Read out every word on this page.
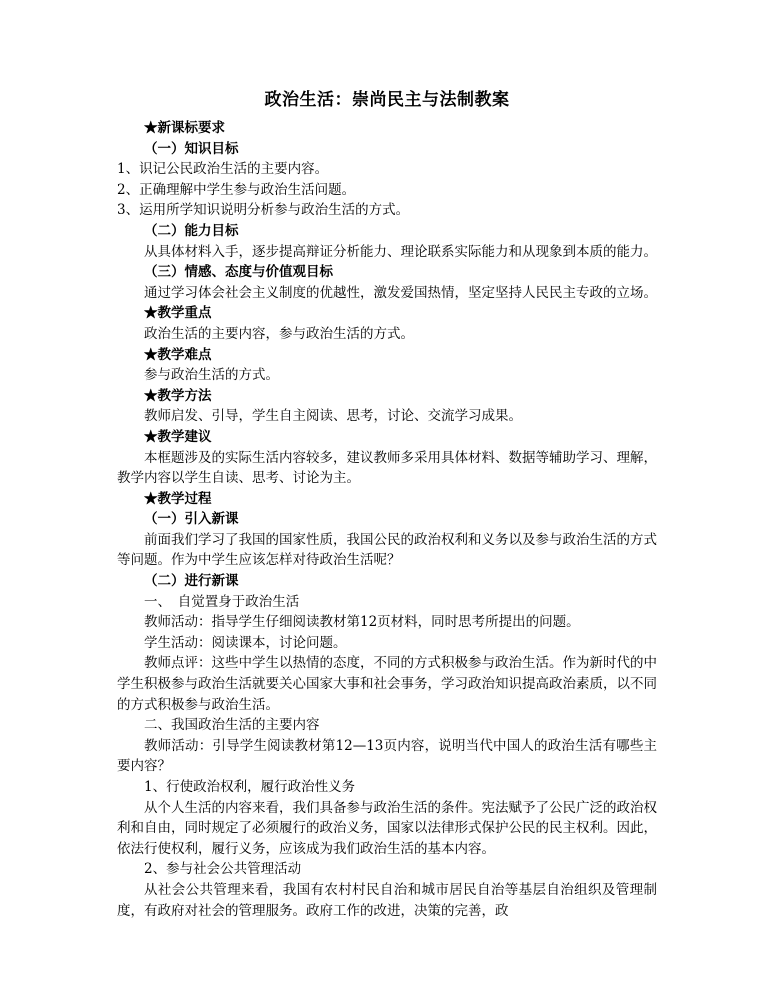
政治生活：崇尚民主与法制教案
★新课标要求
（一）知识目标
1、识记公民政治生活的主要内容。
2、正确理解中学生参与政治生活问题。
3、运用所学知识说明分析参与政治生活的方式。
（二）能力目标
从具体材料入手，逐步提高辩证分析能力、理论联系实际能力和从现象到本质的能力。
（三）情感、态度与价值观目标
通过学习体会社会主义制度的优越性，激发爱国热情，坚定坚持人民民主专政的立场。
★教学重点
政治生活的主要内容，参与政治生活的方式。
★教学难点
参与政治生活的方式。
★教学方法
教师启发、引导，学生自主阅读、思考，讨论、交流学习成果。
★教学建议
本框题涉及的实际生活内容较多，建议教师多采用具体材料、数据等辅助学习、理解，教学内容以学生自读、思考、讨论为主。
★教学过程
（一）引入新课
前面我们学习了我国的国家性质，我国公民的政治权利和义务以及参与政治生活的方式等问题。作为中学生应该怎样对待政治生活呢？
（二）进行新课
一、　自觉置身于政治生活
教师活动：指导学生仔细阅读教材第12页材料，同时思考所提出的问题。
学生活动：阅读课本，讨论问题。
教师点评：这些中学生以热情的态度，不同的方式积极参与政治生活。作为新时代的中学生积极参与政治生活就要关心国家大事和社会事务，学习政治知识提高政治素质，以不同的方式积极参与政治生活。
二、我国政治生活的主要内容
教师活动：引导学生阅读教材第12—13页内容，说明当代中国人的政治生活有哪些主要内容？
1、行使政治权利，履行政治性义务
从个人生活的内容来看，我们具备参与政治生活的条件。宪法赋予了公民广泛的政治权利和自由，同时规定了必须履行的政治义务，国家以法律形式保护公民的民主权利。因此，依法行使权利，履行义务，应该成为我们政治生活的基本内容。
2、参与社会公共管理活动
从社会公共管理来看，我国有农村村民自治和城市居民自治等基层自治组织及管理制度，有政府对社会的管理服务。政府工作的改进，决策的完善，政
